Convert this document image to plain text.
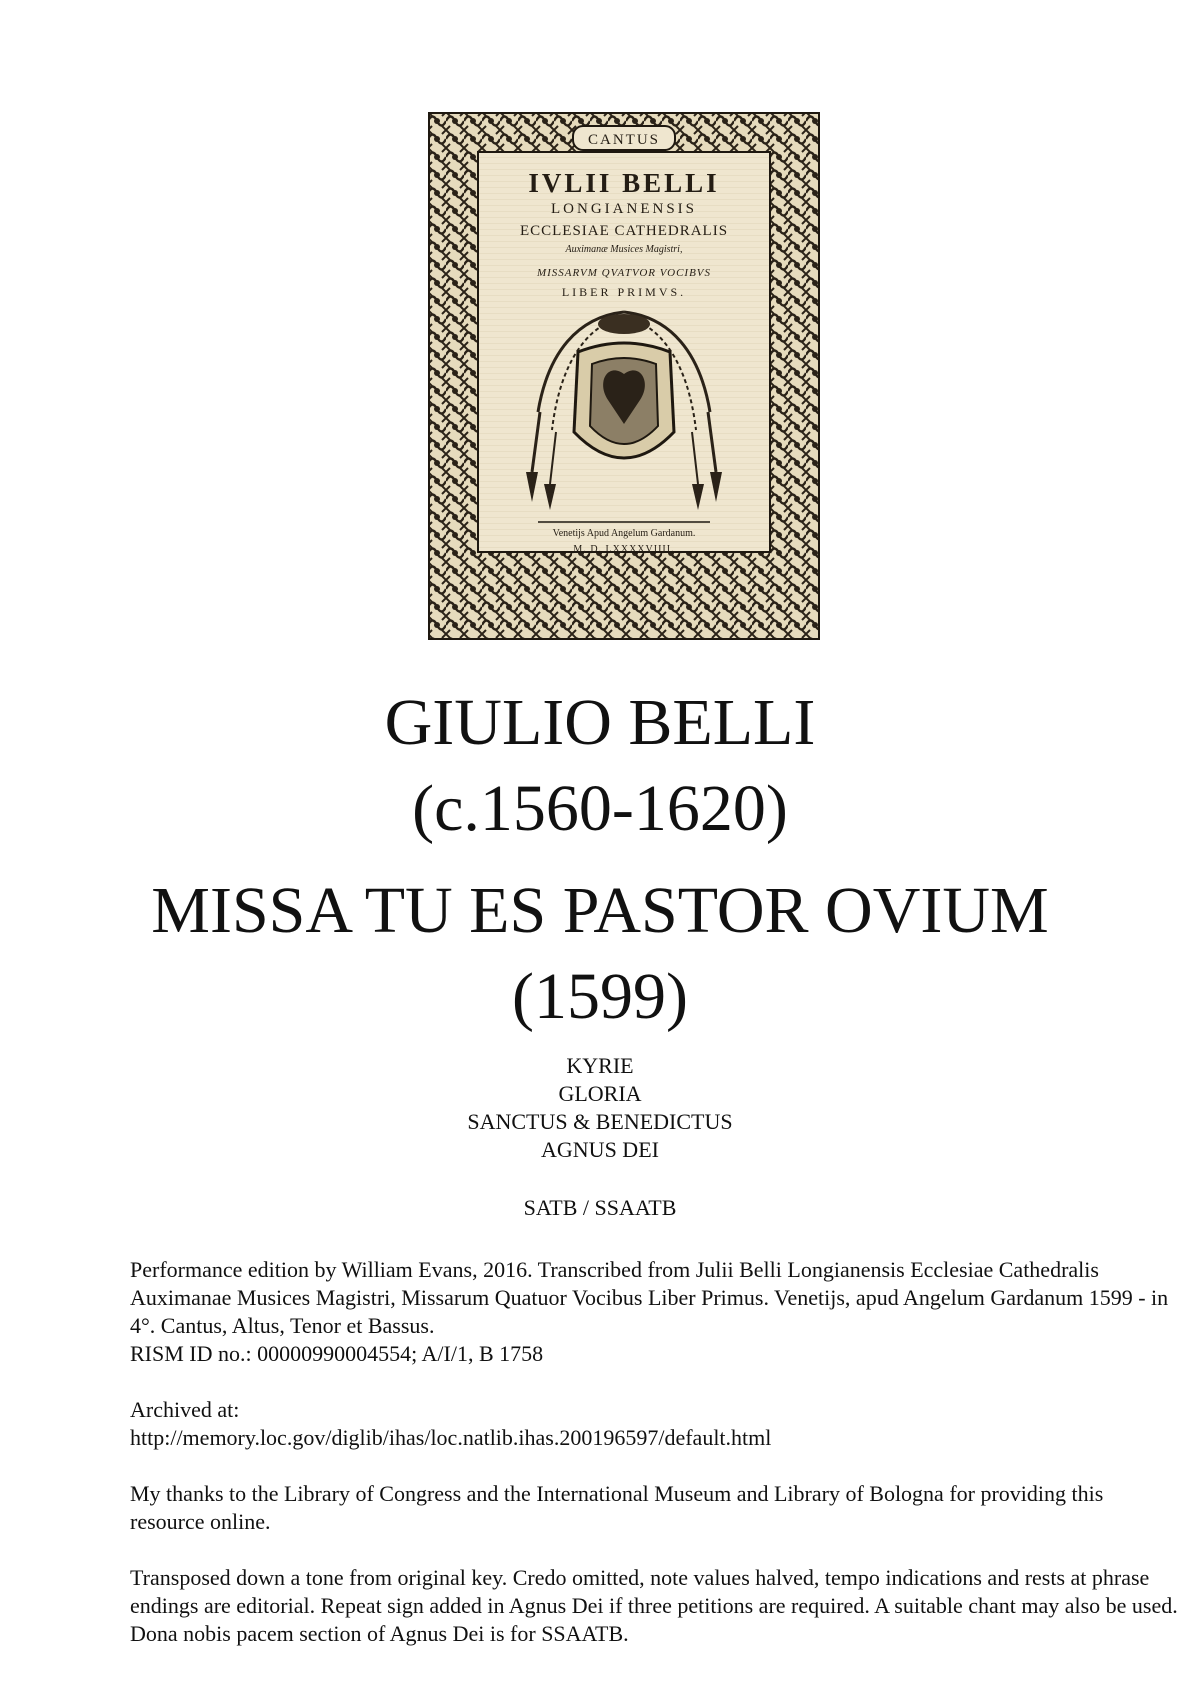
CANTUS
IVLII BELLI
LONGIANENSIS
ECCLESIAE CATHEDRALIS
Auximanæ Musices Magistri,
MISSARVM QVATVOR VOCIBVS
LIBER PRIMVS.
Venetijs Apud Angelum Gardanum.
M. D. LXXXXVIIII.
GIULIO BELLI
(c.1560-1620)
MISSA TU ES PASTOR OVIUM
(1599)
KYRIE
GLORIA
SANCTUS & BENEDICTUS
AGNUS DEI
SATB / SSAATB

Performance edition by William Evans, 2016. Transcribed from Julii Belli Longianensis Ecclesiae Cathedralis Auximanae Musices Magistri, Missarum Quatuor Vocibus Liber Primus. Venetijs, apud Angelum Gardanum 1599 - in 4°. Cantus, Altus, Tenor et Bassus.

RISM ID no.: 00000990004554; A/I/1, B 1758

Archived at:

http://memory.loc.gov/diglib/ihas/loc.natlib.ihas.200196597/default.html

My thanks to the Library of Congress and the International Museum and Library of Bologna for providing this resource online.

Transposed down a tone from original key. Credo omitted, note values halved, tempo indications and rests at phrase endings are editorial. Repeat sign added in Agnus Dei if three petitions are required. A suitable chant may also be used. Dona nobis pacem section of Agnus Dei is for SSAATB.
